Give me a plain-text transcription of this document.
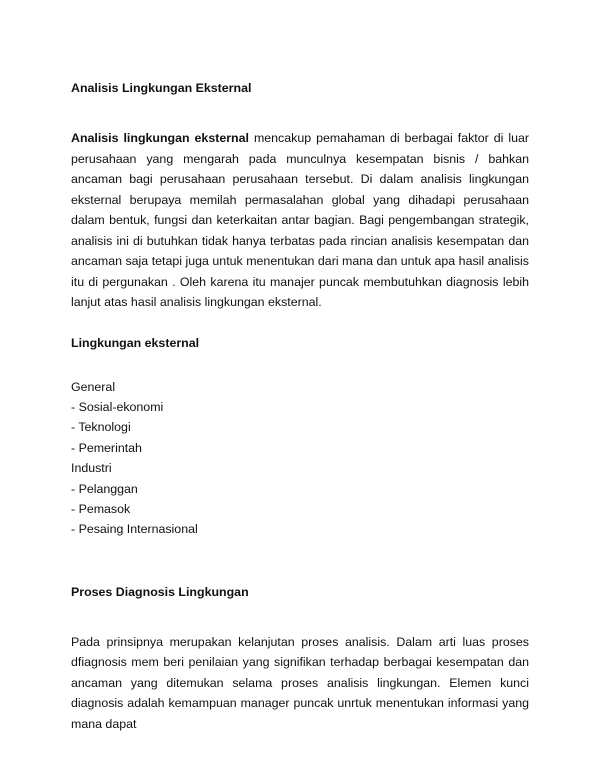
Analisis Lingkungan Eksternal

Analisis lingkungan eksternal mencakup pemahaman di berbagai faktor di luar perusahaan yang mengarah pada munculnya kesempatan bisnis / bahkan ancaman bagi perusahaan perusahaan tersebut. Di dalam analisis lingkungan eksternal berupaya memilah permasalahan global yang dihadapi perusahaan dalam bentuk, fungsi dan keterkaitan antar bagian. Bagi pengembangan strategik, analisis ini di butuhkan tidak hanya terbatas pada rincian analisis kesempatan dan ancaman saja tetapi juga untuk menentukan dari mana dan untuk apa hasil analisis itu di pergunakan . Oleh karena itu manajer puncak membutuhkan diagnosis lebih lanjut atas hasil analisis lingkungan eksternal.

Lingkungan eksternal

General
- Sosial-ekonomi
- Teknologi
- Pemerintah
Industri
- Pelanggan
- Pemasok
- Pesaing Internasional

Proses Diagnosis Lingkungan

Pada prinsipnya merupakan kelanjutan proses analisis. Dalam arti luas proses dfiagnosis mem beri penilaian yang signifikan terhadap berbagai kesempatan dan ancaman yang ditemukan selama proses analisis lingkungan. Elemen kunci diagnosis adalah kemampuan manager puncak unrtuk menentukan informasi yang mana dapat
